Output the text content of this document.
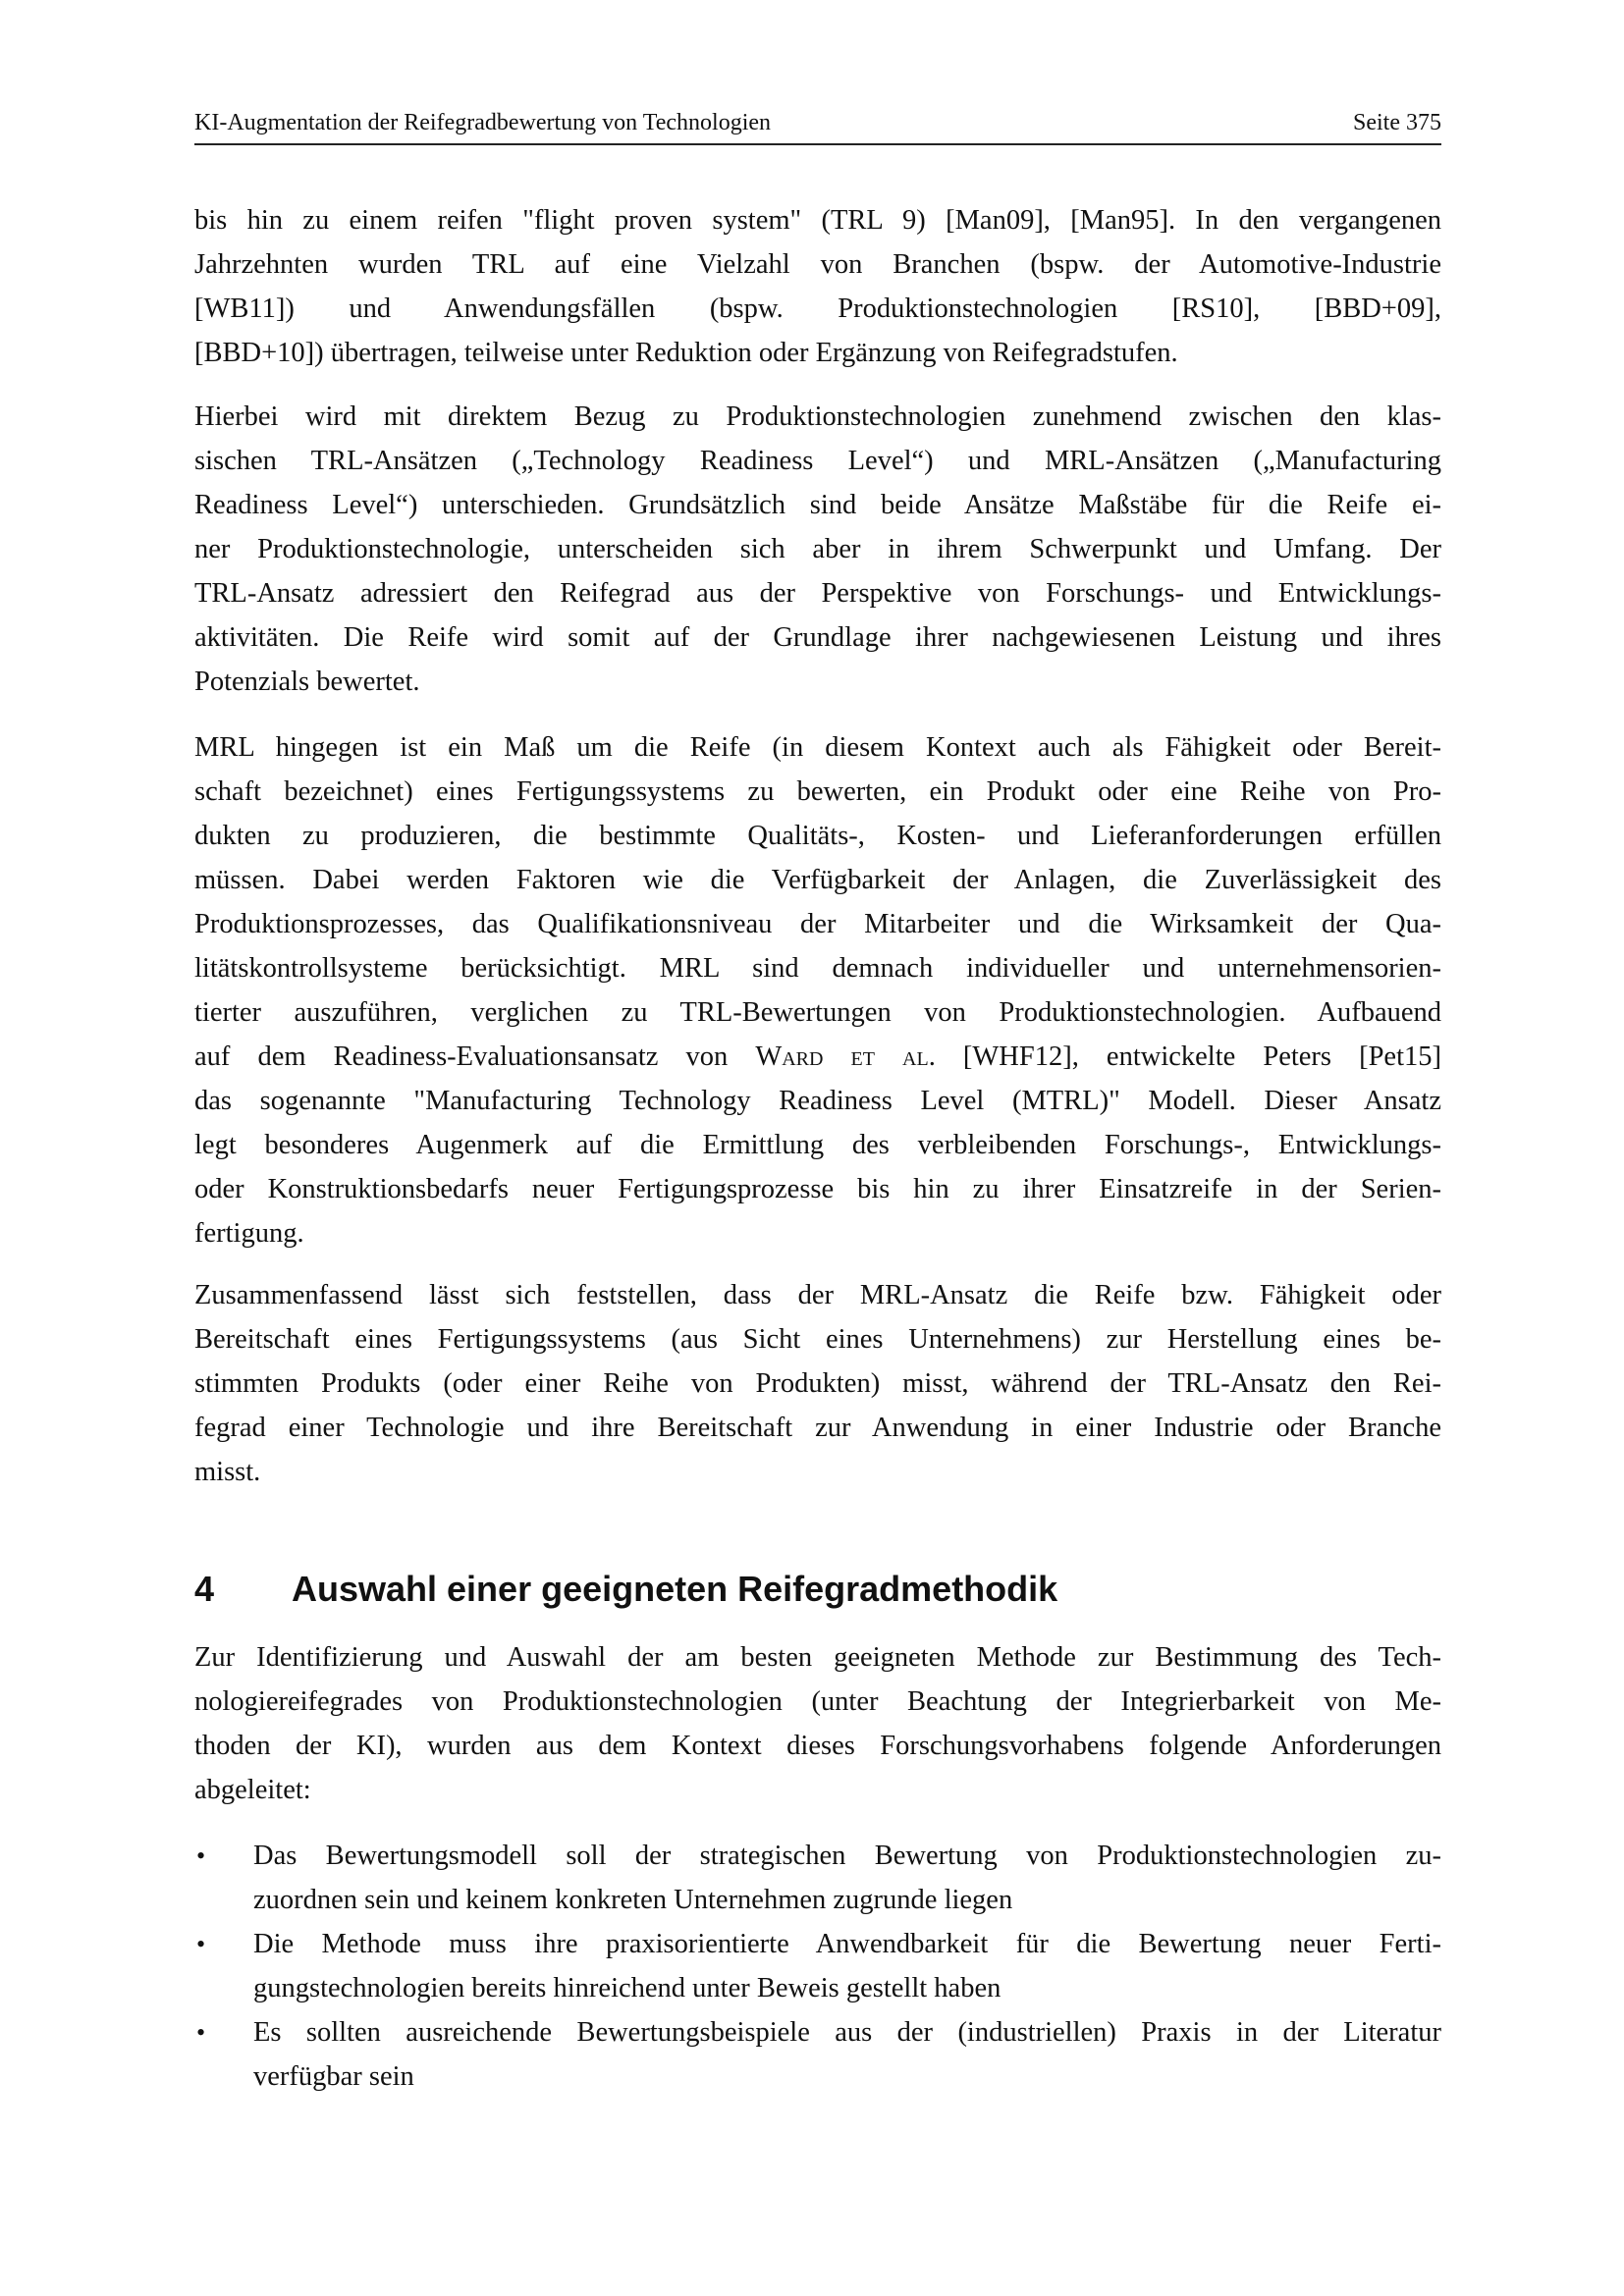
KI-Augmentation der Reifegradbewertung von Technologien	Seite 375
bis hin zu einem reifen "flight proven system" (TRL 9) [Man09], [Man95]. In den vergangenen
Jahrzehnten wurden TRL auf eine Vielzahl von Branchen (bspw. der Automotive-Industrie
[WB11]) und Anwendungsfällen (bspw. Produktionstechnologien [RS10], [BBD+09],
[BBD+10]) übertragen, teilweise unter Reduktion oder Ergänzung von Reifegradstufen.
Hierbei wird mit direktem Bezug zu Produktionstechnologien zunehmend zwischen den klas-
sischen TRL-Ansätzen („Technology Readiness Level“) und MRL-Ansätzen („Manufacturing
Readiness Level“) unterschieden. Grundsätzlich sind beide Ansätze Maßstäbe für die Reife ei-
ner Produktionstechnologie, unterscheiden sich aber in ihrem Schwerpunkt und Umfang. Der
TRL-Ansatz adressiert den Reifegrad aus der Perspektive von Forschungs- und Entwicklungs-
aktivitäten. Die Reife wird somit auf der Grundlage ihrer nachgewiesenen Leistung und ihres
Potenzials bewertet.
MRL hingegen ist ein Maß um die Reife (in diesem Kontext auch als Fähigkeit oder Bereit-
schaft bezeichnet) eines Fertigungssystems zu bewerten, ein Produkt oder eine Reihe von Pro-
dukten zu produzieren, die bestimmte Qualitäts-, Kosten- und Lieferanforderungen erfüllen
müssen. Dabei werden Faktoren wie die Verfügbarkeit der Anlagen, die Zuverlässigkeit des
Produktionsprozesses, das Qualifikationsniveau der Mitarbeiter und die Wirksamkeit der Qua-
litätskontrollsysteme berücksichtigt. MRL sind demnach individueller und unternehmensorien-
tierter auszuführen, verglichen zu TRL-Bewertungen von Produktionstechnologien. Aufbauend
auf dem Readiness-Evaluationsansatz von Ward et al. [WHF12], entwickelte Peters [Pet15]
das sogenannte "Manufacturing Technology Readiness Level (MTRL)" Modell. Dieser Ansatz
legt besonderes Augenmerk auf die Ermittlung des verbleibenden Forschungs-, Entwicklungs-
oder Konstruktionsbedarfs neuer Fertigungsprozesse bis hin zu ihrer Einsatzreife in der Serien-
fertigung.
Zusammenfassend lässt sich feststellen, dass der MRL-Ansatz die Reife bzw. Fähigkeit oder
Bereitschaft eines Fertigungssystems (aus Sicht eines Unternehmens) zur Herstellung eines be-
stimmten Produkts (oder einer Reihe von Produkten) misst, während der TRL-Ansatz den Rei-
fegrad einer Technologie und ihre Bereitschaft zur Anwendung in einer Industrie oder Branche
misst.
4 Auswahl einer geeigneten Reifegradmethodik
Zur Identifizierung und Auswahl der am besten geeigneten Methode zur Bestimmung des Tech-
nologiereifegrades von Produktionstechnologien (unter Beachtung der Integrierbarkeit von Me-
thoden der KI), wurden aus dem Kontext dieses Forschungsvorhabens folgende Anforderungen
abgeleitet:
• Das Bewertungsmodell soll der strategischen Bewertung von Produktionstechnologien zu-
zuordnen sein und keinem konkreten Unternehmen zugrunde liegen
• Die Methode muss ihre praxisorientierte Anwendbarkeit für die Bewertung neuer Ferti-
gungstechnologien bereits hinreichend unter Beweis gestellt haben
• Es sollten ausreichende Bewertungsbeispiele aus der (industriellen) Praxis in der Literatur
verfügbar sein
